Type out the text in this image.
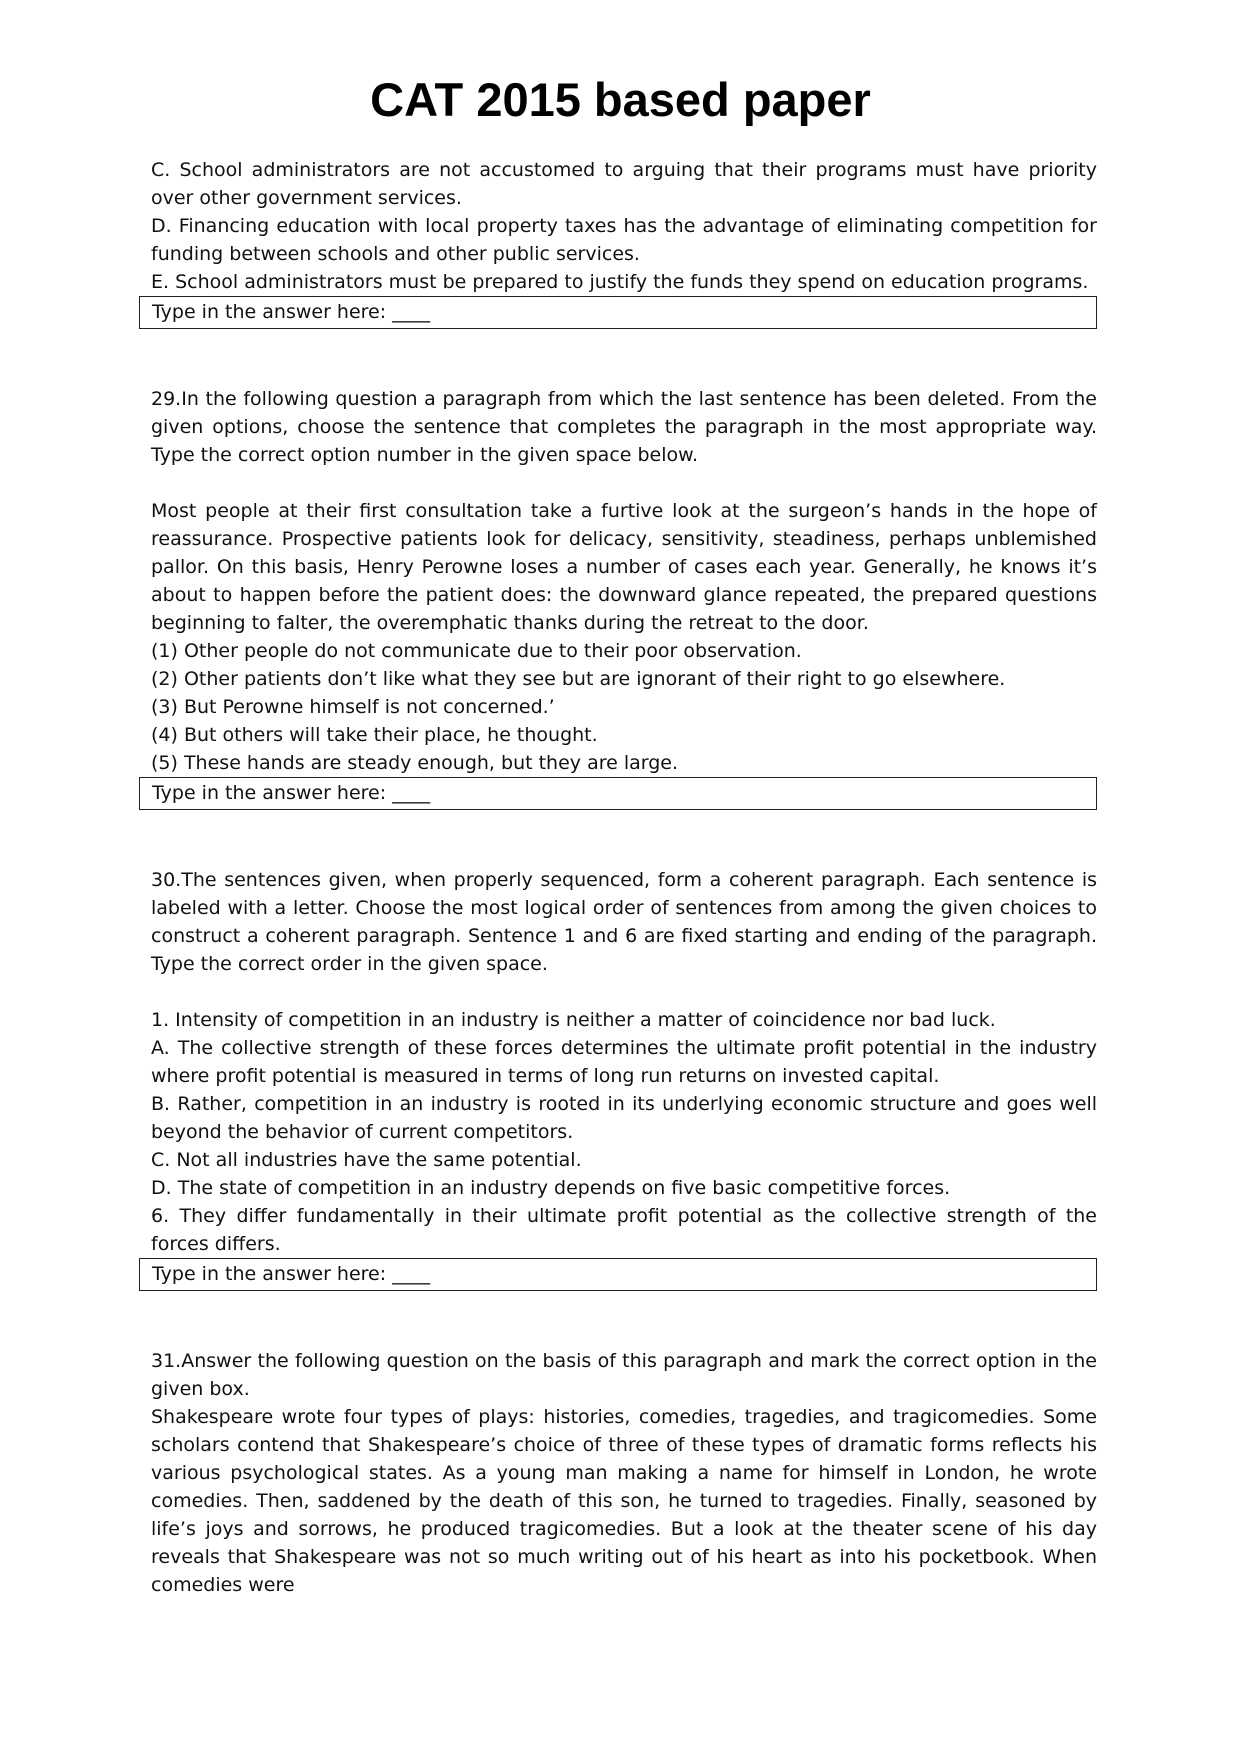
CAT 2015 based paper

C. School administrators are not accustomed to arguing that their programs must have priority over other government services.

D. Financing education with local property taxes has the advantage of eliminating competition for funding between schools and other public services.

E. School administrators must be prepared to justify the funds they spend on education programs.

Type in the answer here: ____

29.In the following question a paragraph from which the last sentence has been deleted. From the given options, choose the sentence that completes the paragraph in the most appropriate way. Type the correct option number in the given space below.

Most people at their first consultation take a furtive look at the surgeon’s hands in the hope of reassurance. Prospective patients look for delicacy, sensitivity, steadiness, perhaps unblemished pallor. On this basis, Henry Perowne loses a number of cases each year. Generally, he knows it’s about to happen before the patient does: the downward glance repeated, the prepared questions beginning to falter, the overemphatic thanks during the retreat to the door.

(1) Other people do not communicate due to their poor observation.

(2) Other patients don’t like what they see but are ignorant of their right to go elsewhere.

(3) But Perowne himself is not concerned.’

(4) But others will take their place, he thought.

(5) These hands are steady enough, but they are large.

Type in the answer here: ____

30.The sentences given, when properly sequenced, form a coherent paragraph. Each sentence is labeled with a letter. Choose the most logical order of sentences from among the given choices to construct a coherent paragraph. Sentence 1 and 6 are fixed starting and ending of the paragraph. Type the correct order in the given space.

1. Intensity of competition in an industry is neither a matter of coincidence nor bad luck.

A. The collective strength of these forces determines the ultimate profit potential in the industry where profit potential is measured in terms of long run returns on invested capital.

B. Rather, competition in an industry is rooted in its underlying economic structure and goes well beyond the behavior of current competitors.

C. Not all industries have the same potential.

D. The state of competition in an industry depends on five basic competitive forces.

6. They differ fundamentally in their ultimate profit potential as the collective strength of the forces differs.

Type in the answer here: ____

31.Answer the following question on the basis of this paragraph and mark the correct option in the given box.

Shakespeare wrote four types of plays: histories, comedies, tragedies, and tragicomedies. Some scholars contend that Shakespeare’s choice of three of these types of dramatic forms reflects his various psychological states. As a young man making a name for himself in London, he wrote comedies. Then, saddened by the death of this son, he turned to tragedies. Finally, seasoned by life’s joys and sorrows, he produced tragicomedies. But a look at the theater scene of his day reveals that Shakespeare was not so much writing out of his heart as into his pocketbook. When comedies were
